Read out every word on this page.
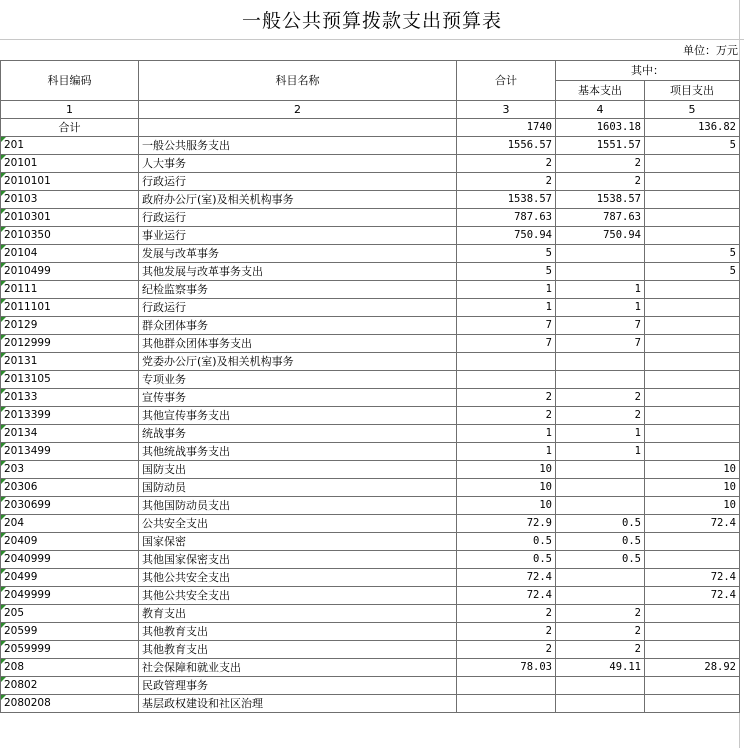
一般公共预算拨款支出预算表
单位：万元
科目编码	科目名称	合计	其中：	
			基本支出	项目支出
1	2	3	4	5
合计		1740	1603.18	136.82

201	一般公共服务支出	1556.57	1551.57	5

20101	人大事务	2	2	

2010101	行政运行	2	2	

20103	政府办公厅(室)及相关机构事务	1538.57	1538.57	

2010301	行政运行	787.63	787.63	

2010350	事业运行	750.94	750.94	

20104	发展与改革事务	5		5

2010499	其他发展与改革事务支出	5		5

20111	纪检监察事务	1	1	

2011101	行政运行	1	1	

20129	群众团体事务	7	7	

2012999	其他群众团体事务支出	7	7	

20131	党委办公厅(室)及相关机构事务			

2013105	专项业务			

20133	宣传事务	2	2	

2013399	其他宣传事务支出	2	2	

20134	统战事务	1	1	

2013499	其他统战事务支出	1	1	

203	国防支出	10		10

20306	国防动员	10		10

2030699	其他国防动员支出	10		10

204	公共安全支出	72.9	0.5	72.4

20409	国家保密	0.5	0.5	

2040999	其他国家保密支出	0.5	0.5	

20499	其他公共安全支出	72.4		72.4

2049999	其他公共安全支出	72.4		72.4

205	教育支出	2	2	

20599	其他教育支出	2	2	

2059999	其他教育支出	2	2	

208	社会保障和就业支出	78.03	49.11	28.92

20802	民政管理事务			

2080208	基层政权建设和社区治理			
